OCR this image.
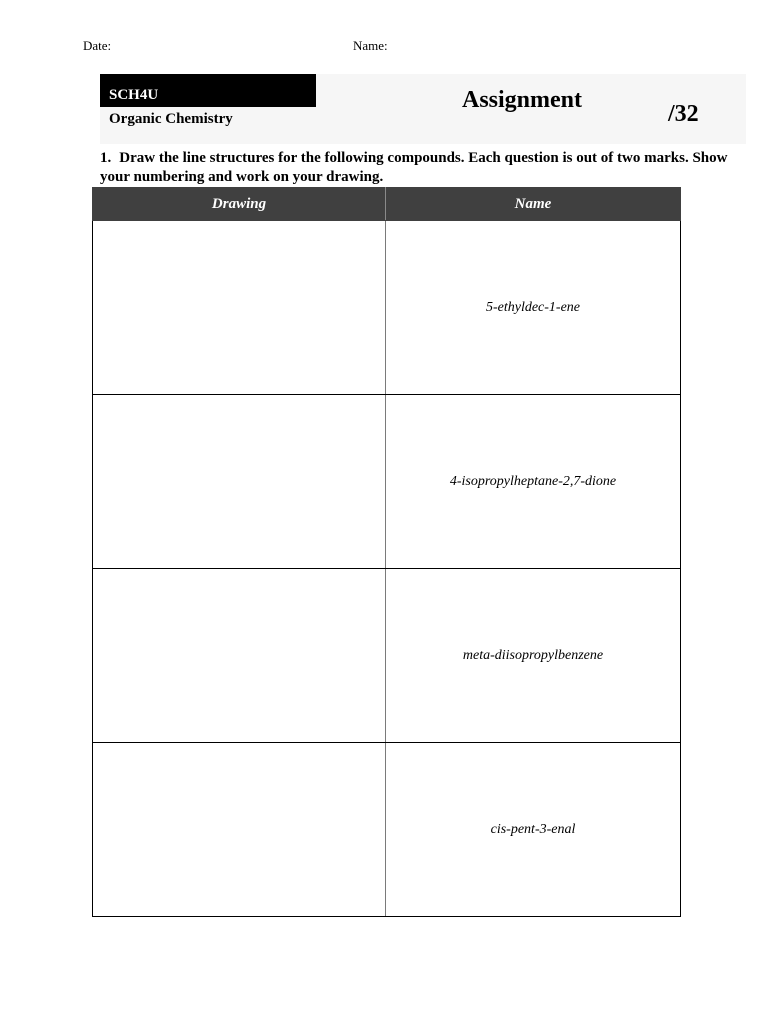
Date:	Name:
SCH4U
Organic Chemistry
Assignment
/32
1. Draw the line structures for the following compounds. Each question is out of two marks. Show your numbering and work on your drawing.
Drawing	Name
	5-ethyldec-1-ene
	4-isopropylheptane-2,7-dione
	meta-diisopropylbenzene
	cis-pent-3-enal
